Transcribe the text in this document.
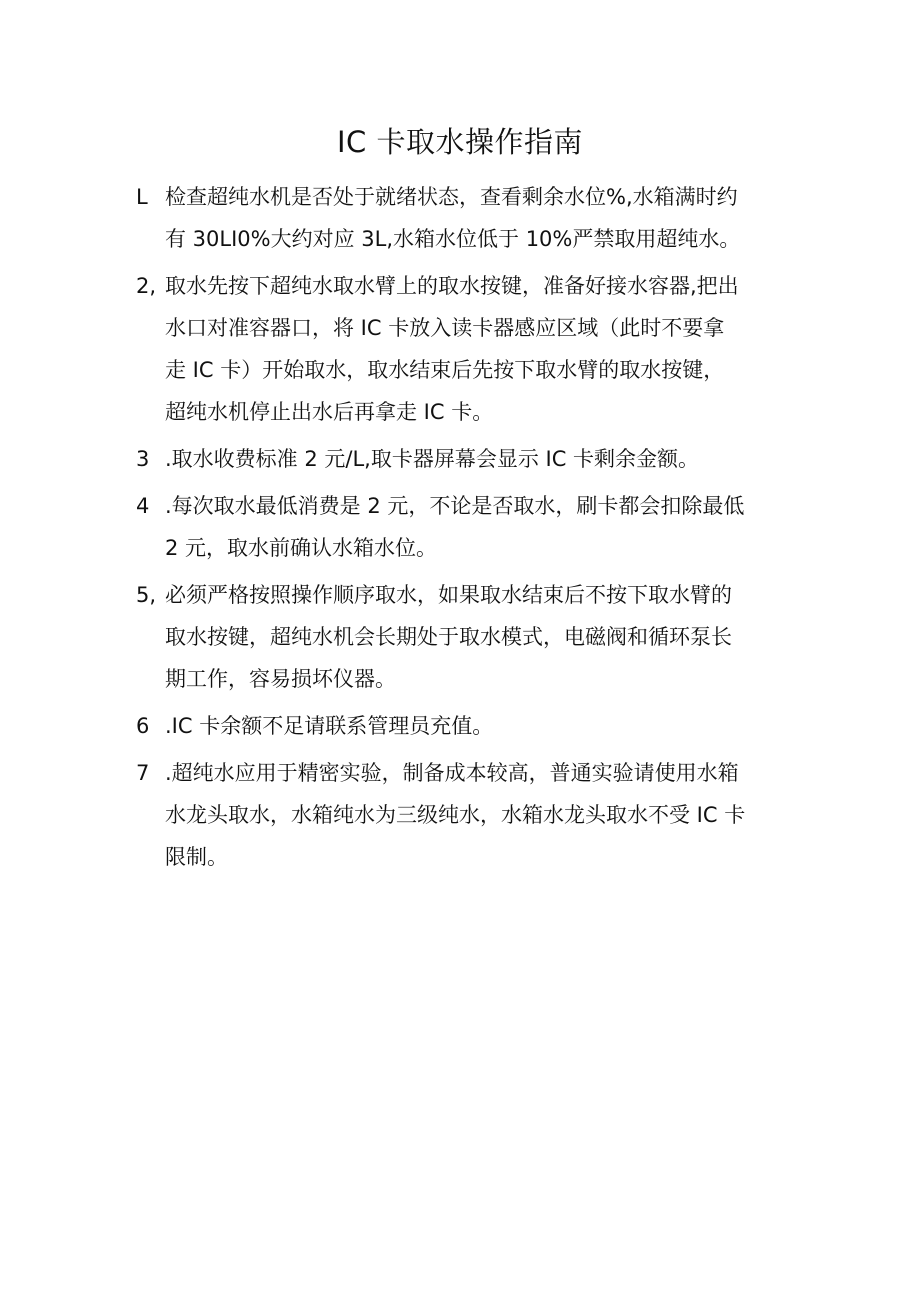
IC 卡取水操作指南
L 检查超纯水机是否处于就绪状态，查看剩余水位%,水箱满时约
有 30LI0%大约对应 3L,水箱水位低于 10%严禁取用超纯水。
2, 取水先按下超纯水取水臂上的取水按键，准备好接水容器,把出
水口对准容器口，将 IC 卡放入读卡器感应区域（此时不要拿
走 IC 卡）开始取水，取水结束后先按下取水臂的取水按键，
超纯水机停止出水后再拿走 IC 卡。
3 .取水收费标准 2 元/L,取卡器屏幕会显示 IC 卡剩余金额。
4 .每次取水最低消费是 2 元，不论是否取水，刷卡都会扣除最低
2 元，取水前确认水箱水位。
5, 必须严格按照操作顺序取水，如果取水结束后不按下取水臂的
取水按键，超纯水机会长期处于取水模式，电磁阀和循环泵长
期工作，容易损坏仪器。
6 .IC 卡余额不足请联系管理员充值。
7 .超纯水应用于精密实验，制备成本较高，普通实验请使用水箱
水龙头取水，水箱纯水为三级纯水，水箱水龙头取水不受 IC 卡
限制。
